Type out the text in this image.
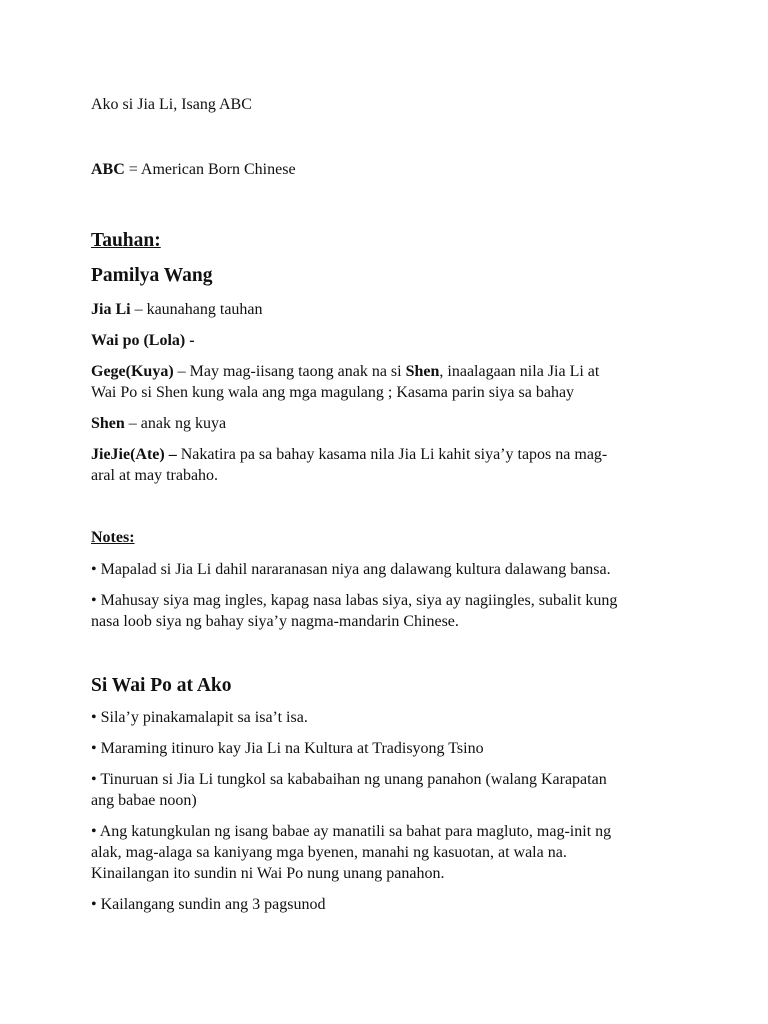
Ako si Jia Li, Isang ABC
ABC = American Born Chinese
Tauhan:
Pamilya Wang
Jia Li – kaunahang tauhan
Wai po (Lola) -
Gege(Kuya) – May mag-iisang taong anak na si Shen, inaalagaan nila Jia Li at
Wai Po si Shen kung wala ang mga magulang ; Kasama parin siya sa bahay
Shen – anak ng kuya
JieJie(Ate) – Nakatira pa sa bahay kasama nila Jia Li kahit siya’y tapos na mag-
aral at may trabaho.
Notes:
• Mapalad si Jia Li dahil nararanasan niya ang dalawang kultura dalawang bansa.
• Mahusay siya mag ingles, kapag nasa labas siya, siya ay nagiingles, subalit kung
nasa loob siya ng bahay siya’y nagma-mandarin Chinese.
Si Wai Po at Ako
• Sila’y pinakamalapit sa isa’t isa.
• Maraming itinuro kay Jia Li na Kultura at Tradisyong Tsino
• Tinuruan si Jia Li tungkol sa kababaihan ng unang panahon (walang Karapatan
ang babae noon)
• Ang katungkulan ng isang babae ay manatili sa bahat para magluto, mag-init ng
alak, mag-alaga sa kaniyang mga byenen, manahi ng kasuotan, at wala na.
Kinailangan ito sundin ni Wai Po nung unang panahon.
• Kailangang sundin ang 3 pagsunod
